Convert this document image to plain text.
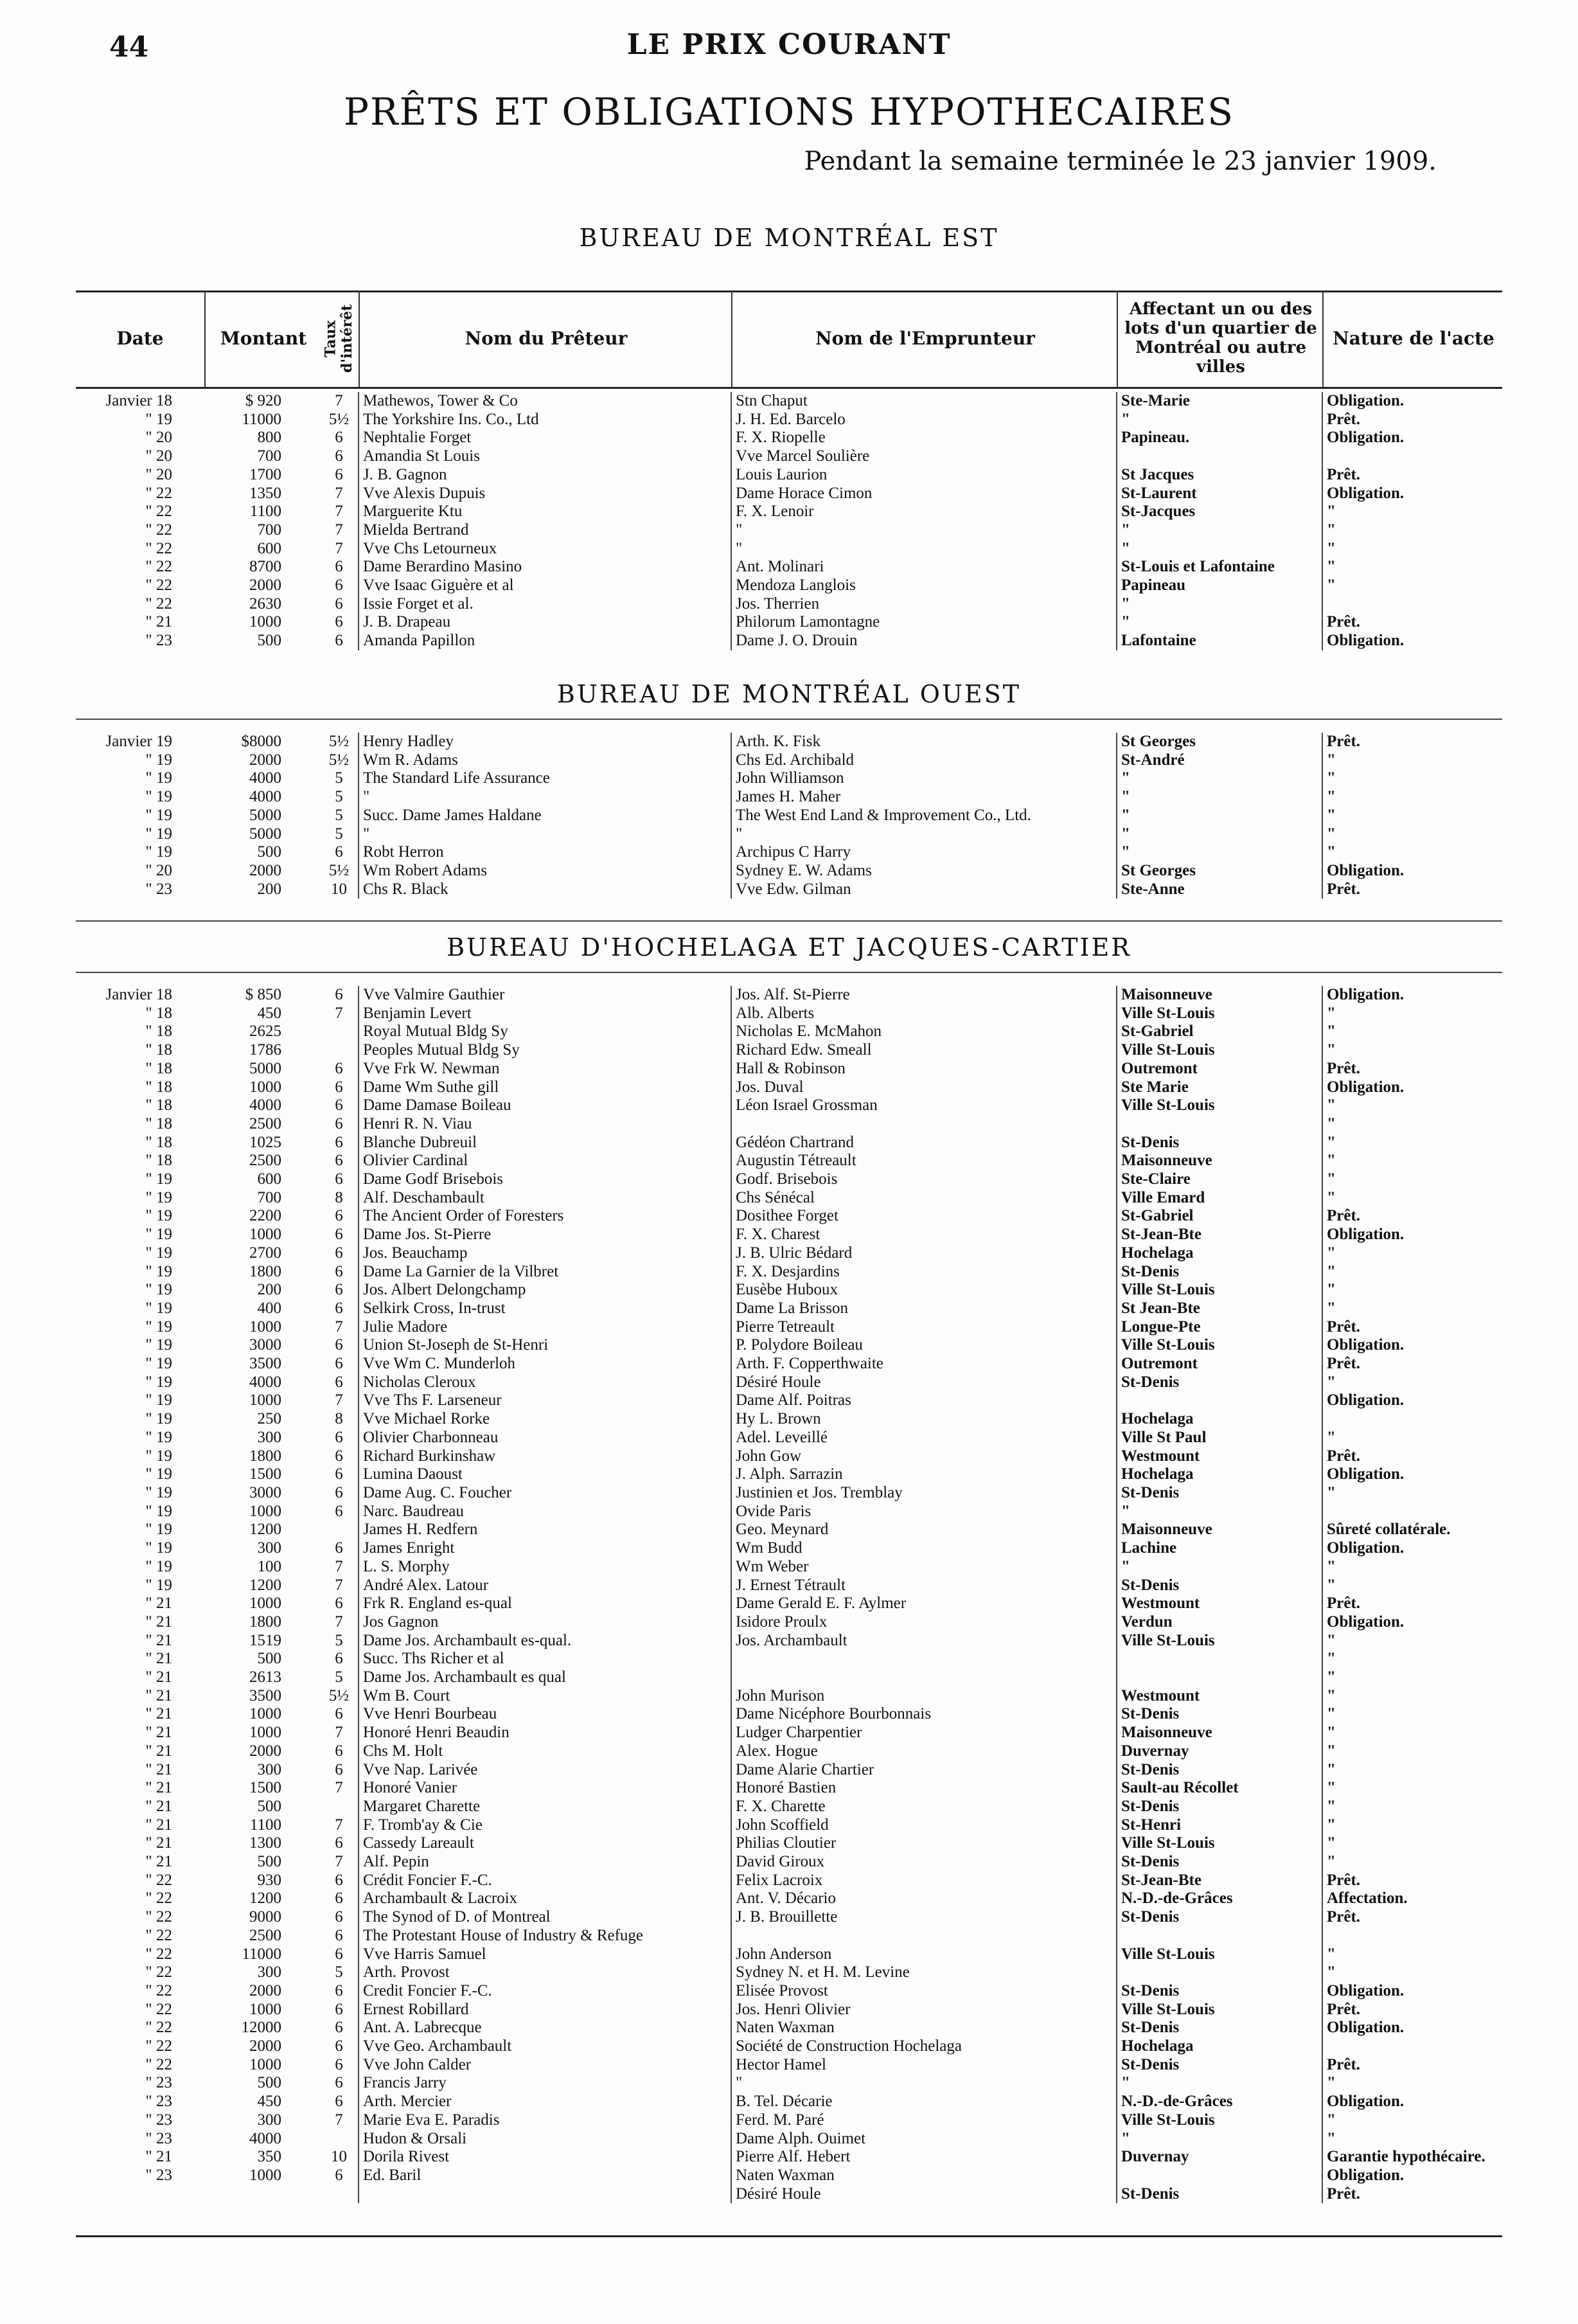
44	LE PRIX COURANT
PRÊTS ET OBLIGATIONS HYPOTHECAIRES
Pendant la semaine terminée le 23 janvier 1909.
BUREAU DE MONTRÉAL EST
Date	Montant	Taux d'intérêt	Nom du Prêteur	Nom de l'Emprunteur
Affectant un ou des lots d'un quartier de Montréal ou autre villes
Nature de l'acte
Janvier 18	$ 920	7	Mathewos, Tower & Co	Stn Chaput	Ste-Marie	Obligation.
" 19	11000	5½	The Yorkshire Ins. Co., Ltd	J. H. Ed. Barcelo	"	Prêt.
" 20	800	6	Nephtalie Forget	F. X. Riopelle	Papineau.	Obligation.
" 20	700	6	Amandia St Louis	Vve Marcel Soulière		
" 20	1700	6	J. B. Gagnon	Louis Laurion	St Jacques	Prêt.
" 22	1350	7	Vve Alexis Dupuis	Dame Horace Cimon	St-Laurent	Obligation.
" 22	1100	7	Marguerite Ktu	F. X. Lenoir	St-Jacques	"
" 22	700	7	Mielda Bertrand	"	"	"
" 22	600	7	Vve Chs Letourneux	"	"	"
" 22	8700	6	Dame Berardino Masino	Ant. Molinari	St-Louis et Lafontaine	"
" 22	2000	6	Vve Isaac Giguère et al	Mendoza Langlois	Papineau	"
" 22	2630	6	Issie Forget et al.	Jos. Therrien	"	
" 21	1000	6	J. B. Drapeau	Philorum Lamontagne	"	Prêt.
" 23	500	6	Amanda Papillon	Dame J. O. Drouin	Lafontaine	Obligation.
BUREAU DE MONTRÉAL OUEST
Janvier 19	$8000	5½	Henry Hadley	Arth. K. Fisk	St Georges	Prêt.
" 19	2000	5½	Wm R. Adams	Chs Ed. Archibald	St-André	"
" 19	4000	5	The Standard Life Assurance	John Williamson	"	"
" 19	4000	5	"	James H. Maher	"	"
" 19	5000	5	Succ. Dame James Haldane	The West End Land & Improvement Co., Ltd.	"	"
" 19	5000	5	"	"	"	"
" 19	500	6	Robt Herron	Archipus C Harry	"	"
" 20	2000	5½	Wm Robert Adams	Sydney E. W. Adams	St Georges	Obligation.
" 23	200	10	Chs R. Black	Vve Edw. Gilman	Ste-Anne	Prêt.
BUREAU D'HOCHELAGA ET JACQUES-CARTIER
Janvier 18	$ 850	6	Vve Valmire Gauthier	Jos. Alf. St-Pierre	Maisonneuve	Obligation.
" 18	450	7	Benjamin Levert	Alb. Alberts	Ville St-Louis	"
" 18	2625		Royal Mutual Bldg Sy	Nicholas E. McMahon	St-Gabriel	"
" 18	1786		Peoples Mutual Bldg Sy	Richard Edw. Smeall	Ville St-Louis	"
" 18	5000	6	Vve Frk W. Newman	Hall & Robinson	Outremont	Prêt.
" 18	1000	6	Dame Wm Suthe gill	Jos. Duval	Ste Marie	Obligation.
" 18	4000	6	Dame Damase Boileau	Léon Israel Grossman	Ville St-Louis	"
" 18	2500	6	Henri R. N. Viau			"
" 18	1025	6	Blanche Dubreuil	Gédéon Chartrand	St-Denis	"
" 18	2500	6	Olivier Cardinal	Augustin Tétreault	Maisonneuve	"
" 19	600	6	Dame Godf Brisebois	Godf. Brisebois	Ste-Claire	"
" 19	700	8	Alf. Deschambault	Chs Sénécal	Ville Emard	"
" 19	2200	6	The Ancient Order of Foresters	Dosithee Forget	St-Gabriel	Prêt.
" 19	1000	6	Dame Jos. St-Pierre	F. X. Charest	St-Jean-Bte	Obligation.
" 19	2700	6	Jos. Beauchamp	J. B. Ulric Bédard	Hochelaga	"
" 19	1800	6	Dame La Garnier de la Vilbret	F. X. Desjardins	St-Denis	"
" 19	200	6	Jos. Albert Delongchamp	Eusèbe Huboux	Ville St-Louis	"
" 19	400	6	Selkirk Cross, In-trust	Dame La Brisson	St Jean-Bte	"
" 19	1000	7	Julie Madore	Pierre Tetreault	Longue-Pte	Prêt.
" 19	3000	6	Union St-Joseph de St-Henri	P. Polydore Boileau	Ville St-Louis	Obligation.
" 19	3500	6	Vve Wm C. Munderloh	Arth. F. Copperthwaite	Outremont	Prêt.
" 19	4000	6	Nicholas Cleroux	Désiré Houle	St-Denis	"
" 19	1000	7	Vve Ths F. Larseneur	Dame Alf. Poitras		Obligation.
" 19	250	8	Vve Michael Rorke	Hy L. Brown	Hochelaga	
" 19	300	6	Olivier Charbonneau	Adel. Leveillé	Ville St Paul	"
" 19	1800	6	Richard Burkinshaw	John Gow	Westmount	Prêt.
" 19	1500	6	Lumina Daoust	J. Alph. Sarrazin	Hochelaga	Obligation.
" 19	3000	6	Dame Aug. C. Foucher	Justinien et Jos. Tremblay	St-Denis	"
" 19	1000	6	Narc. Baudreau	Ovide Paris	"	
" 19	1200		James H. Redfern	Geo. Meynard	Maisonneuve	Sûreté collatérale.
" 19	300	6	James Enright	Wm Budd	Lachine	Obligation.
" 19	100	7	L. S. Morphy	Wm Weber	"	"
" 19	1200	7	André Alex. Latour	J. Ernest Tétrault	St-Denis	"
" 21	1000	6	Frk R. England es-qual	Dame Gerald E. F. Aylmer	Westmount	Prêt.
" 21	1800	7	Jos Gagnon	Isidore Proulx	Verdun	Obligation.
" 21	1519	5	Dame Jos. Archambault es-qual.	Jos. Archambault	Ville St-Louis	"
" 21	500	6	Succ. Ths Richer et al			"
" 21	2613	5	Dame Jos. Archambault es qual			"
" 21	3500	5½	Wm B. Court	John Murison	Westmount	"
" 21	1000	6	Vve Henri Bourbeau	Dame Nicéphore Bourbonnais	St-Denis	"
" 21	1000	7	Honoré Henri Beaudin	Ludger Charpentier	Maisonneuve	"
" 21	2000	6	Chs M. Holt	Alex. Hogue	Duvernay	"
" 21	300	6	Vve Nap. Larivée	Dame Alarie Chartier	St-Denis	"
" 21	1500	7	Honoré Vanier	Honoré Bastien	Sault-au Récollet	"
" 21	500		Margaret Charette	F. X. Charette	St-Denis	"
" 21	1100	7	F. Tromb'ay & Cie	John Scoffield	St-Henri	"
" 21	1300	6	Cassedy Lareault	Philias Cloutier	Ville St-Louis	"
" 21	500	7	Alf. Pepin	David Giroux	St-Denis	"
" 22	930	6	Crédit Foncier F.-C.	Felix Lacroix	St-Jean-Bte	Prêt.
" 22	1200	6	Archambault & Lacroix	Ant. V. Décario	N.-D.-de-Grâces	Affectation.
" 22	9000	6	The Synod of D. of Montreal	J. B. Brouillette	St-Denis	Prêt.
" 22	2500	6	The Protestant House of Industry & Refuge			
" 22	11000	6	Vve Harris Samuel	John Anderson	Ville St-Louis	"
" 22	300	5	Arth. Provost	Sydney N. et H. M. Levine		"
" 22	2000	6	Credit Foncier F.-C.	Elisée Provost	St-Denis	Obligation.
" 22	1000	6	Ernest Robillard	Jos. Henri Olivier	Ville St-Louis	Prêt.
" 22	12000	6	Ant. A. Labrecque	Naten Waxman	St-Denis	Obligation.
" 22	2000	6	Vve Geo. Archambault	Société de Construction Hochelaga	Hochelaga	
" 22	1000	6	Vve John Calder	Hector Hamel	St-Denis	Prêt.
" 23	500	6	Francis Jarry	"	"	"
" 23	450	6	Arth. Mercier	B. Tel. Décarie	N.-D.-de-Grâces	Obligation.
" 23	300	7	Marie Eva E. Paradis	Ferd. M. Paré	Ville St-Louis	"
" 23	4000		Hudon & Orsali	Dame Alph. Ouimet	"	"
" 21	350	10	Dorila Rivest	Pierre Alf. Hebert	Duvernay	Garantie hypothécaire.
" 23	1000	6	Ed. Baril	Naten Waxman		Obligation.
				Désiré Houle	St-Denis	Prêt.
